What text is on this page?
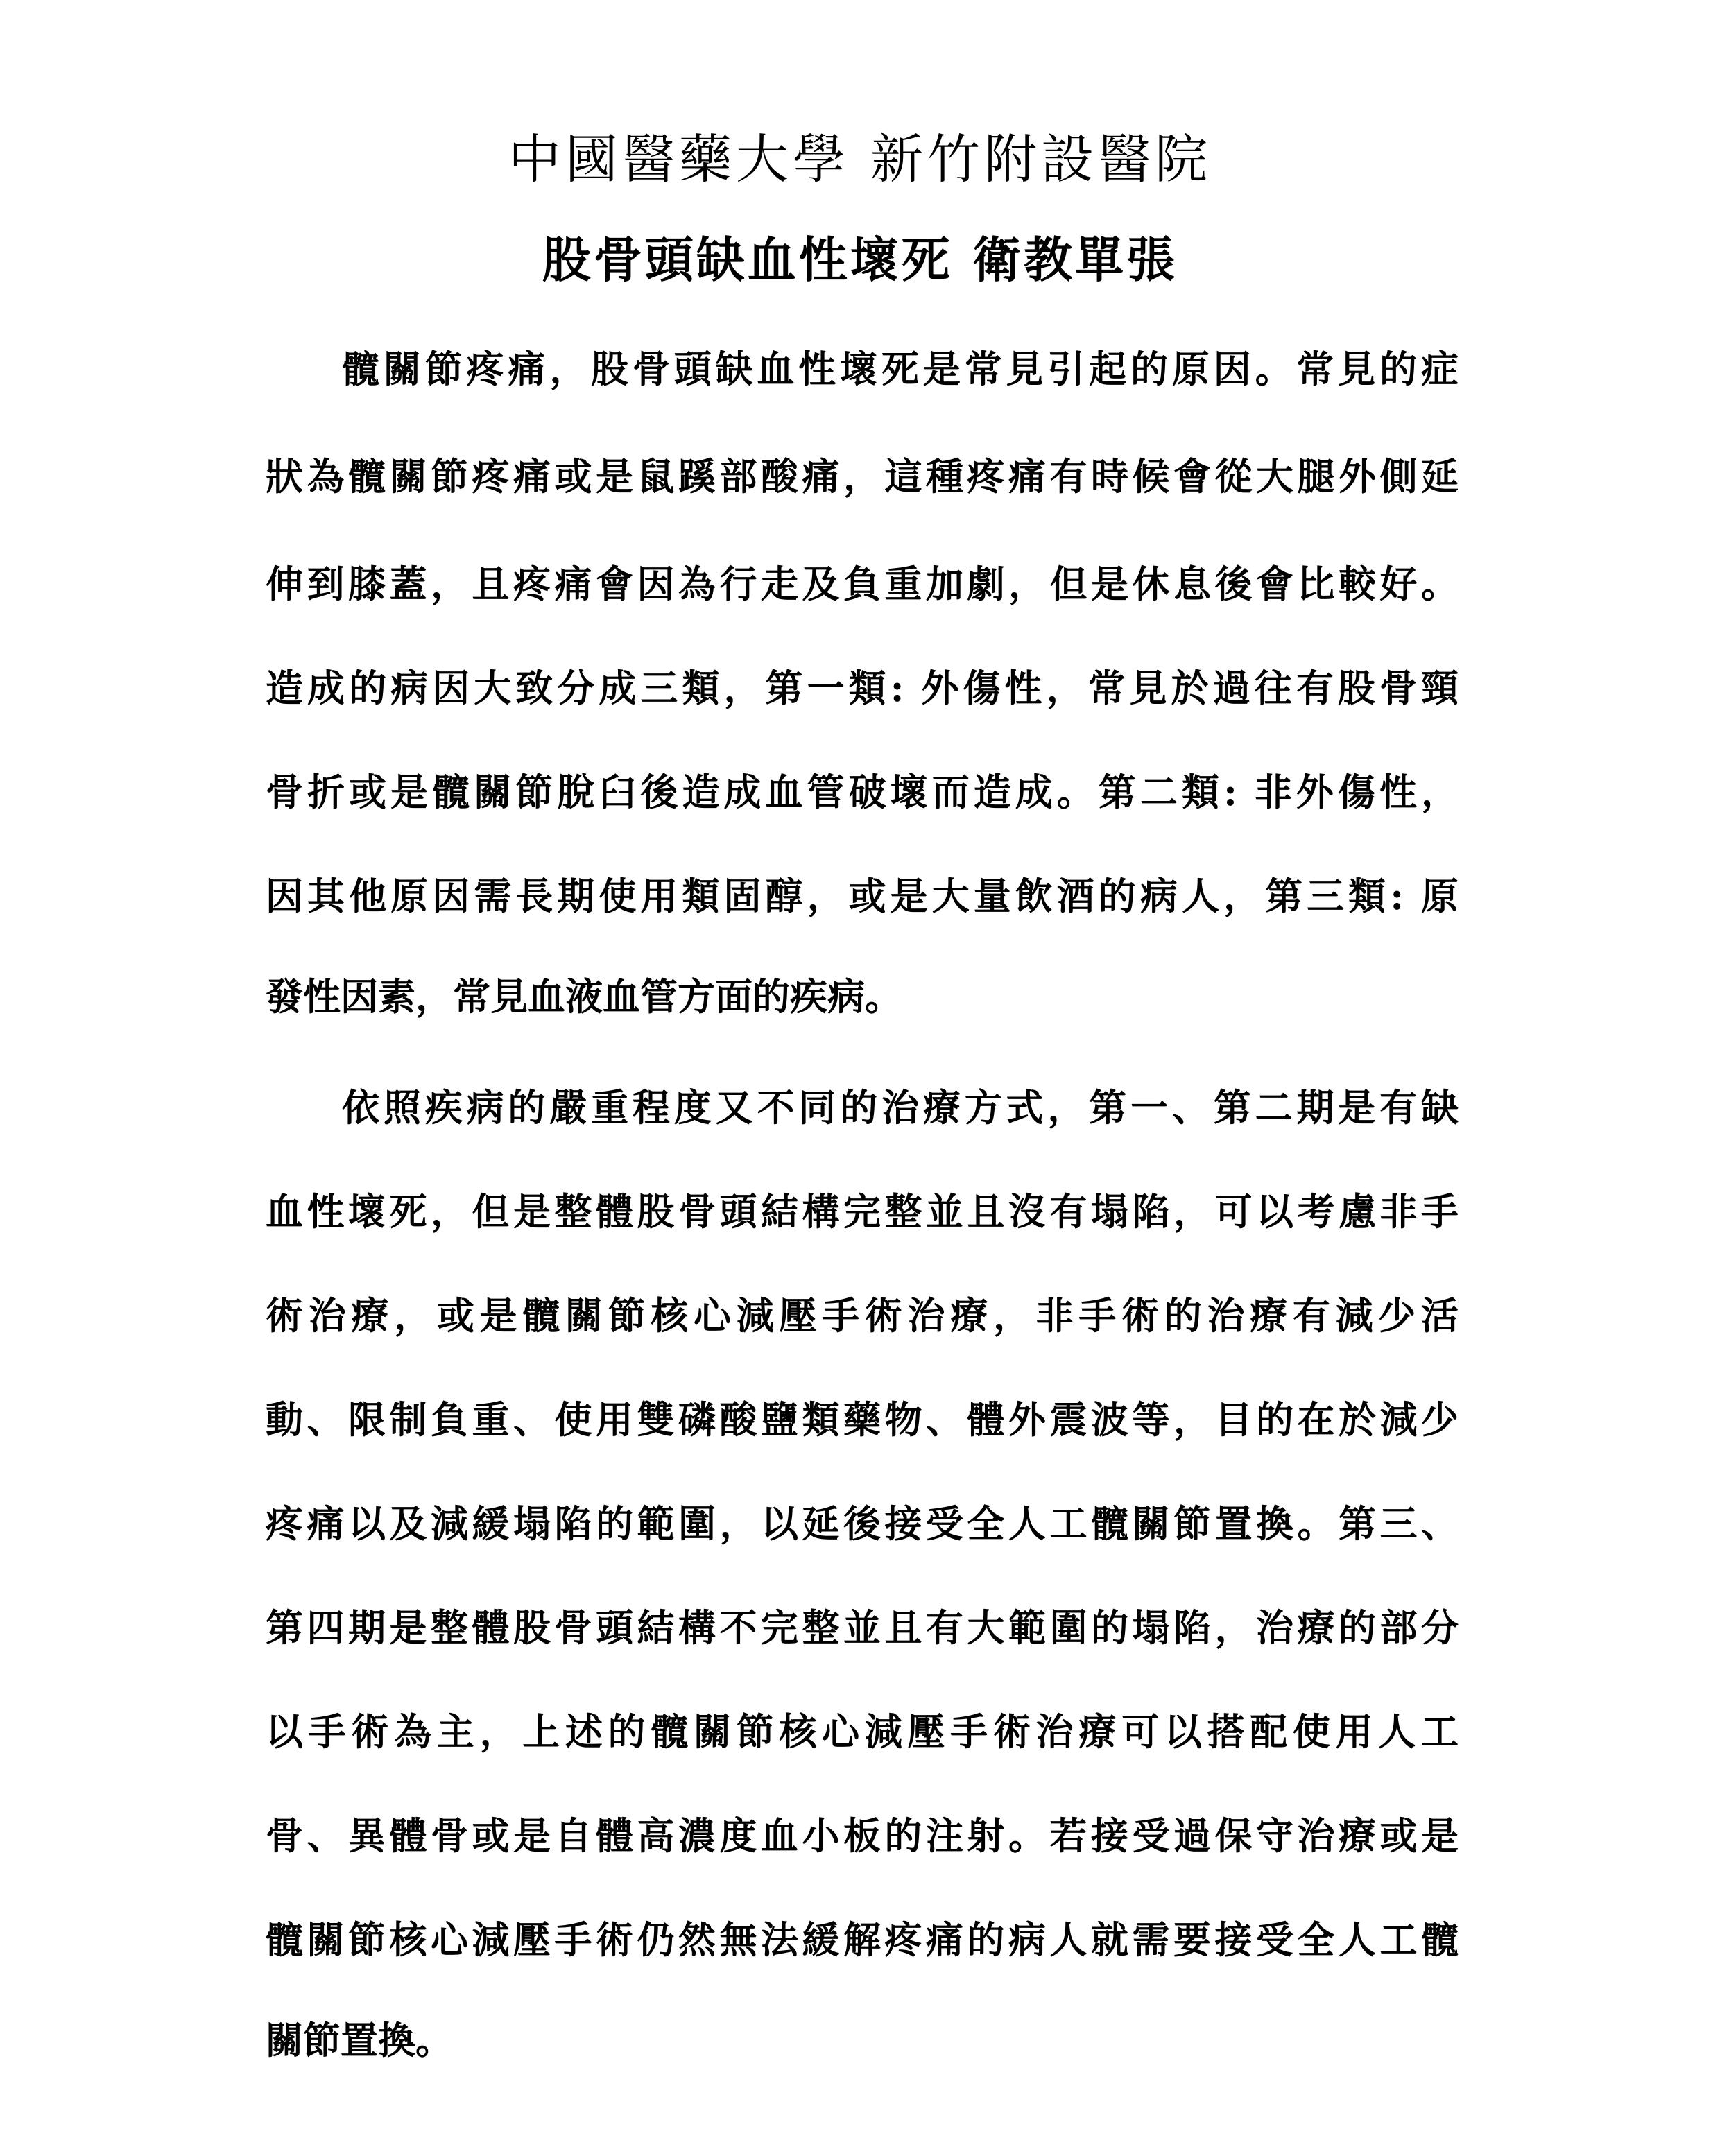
中國醫藥大學 新竹附設醫院
股骨頭缺血性壞死 衛教單張

髖關節疼痛，股骨頭缺血性壞死是常見引起的原因。常見的症

狀為髖關節疼痛或是鼠蹊部酸痛，這種疼痛有時候會從大腿外側延

伸到膝蓋，且疼痛會因為行走及負重加劇，但是休息後會比較好。

造成的病因大致分成三類，第一類: 外傷性，常見於過往有股骨頸

骨折或是髖關節脫臼後造成血管破壞而造成。第二類: 非外傷性，

因其他原因需長期使用類固醇，或是大量飲酒的病人，第三類: 原

發性因素，常見血液血管方面的疾病。

依照疾病的嚴重程度又不同的治療方式，第一、第二期是有缺

血性壞死，但是整體股骨頭結構完整並且沒有塌陷，可以考慮非手

術治療，或是髖關節核心減壓手術治療，非手術的治療有減少活

動、限制負重、使用雙磷酸鹽類藥物、體外震波等，目的在於減少

疼痛以及減緩塌陷的範圍，以延後接受全人工髖關節置換。第三、

第四期是整體股骨頭結構不完整並且有大範圍的塌陷，治療的部分

以手術為主，上述的髖關節核心減壓手術治療可以搭配使用人工

骨、異體骨或是自體高濃度血小板的注射。若接受過保守治療或是

髖關節核心減壓手術仍然無法緩解疼痛的病人就需要接受全人工髖

關節置換。
